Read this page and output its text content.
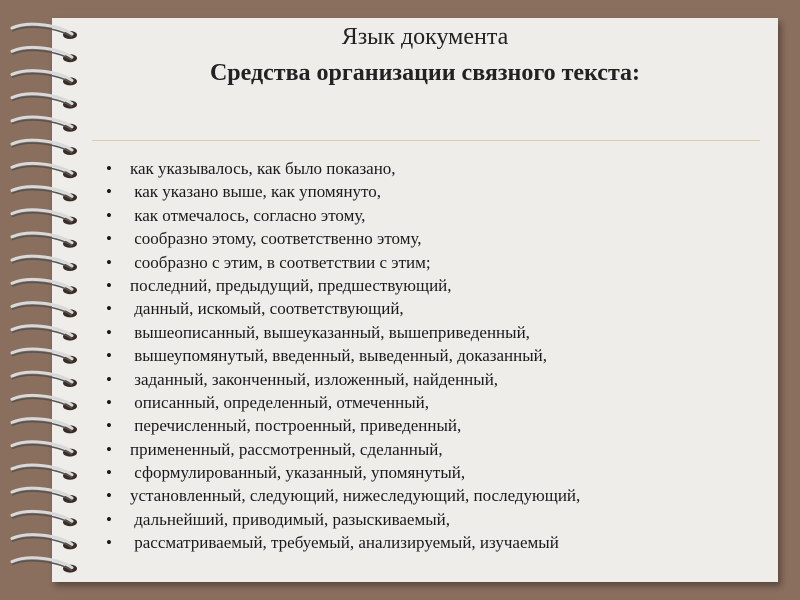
Язык документа
Средства организации связного текста:
•	как указывалось, как было показано,
•	как указано выше, как упомянуто,
•	как отмечалось, согласно этому,
•	сообразно этому, соответственно этому,
•	сообразно с этим, в соответствии с этим;
•	последний, предыдущий, предшествующий,
•	данный, искомый, соответствующий,
•	вышеописанный, вышеуказанный, вышеприведенный,
•	вышеупомянутый, введенный, выведенный, доказанный,
•	заданный, законченный, изложенный, найденный,
•	описанный, определенный, отмеченный,
•	перечисленный, построенный, приведенный,
•	примененный, рассмотренный, сделанный,
•	сформулированный, указанный, упомянутый,
•	установленный, следующий, нижеследующий, последующий,
•	дальнейший, приводимый, разыскиваемый,
•	рассматриваемый, требуемый, анализируемый, изучаемый
